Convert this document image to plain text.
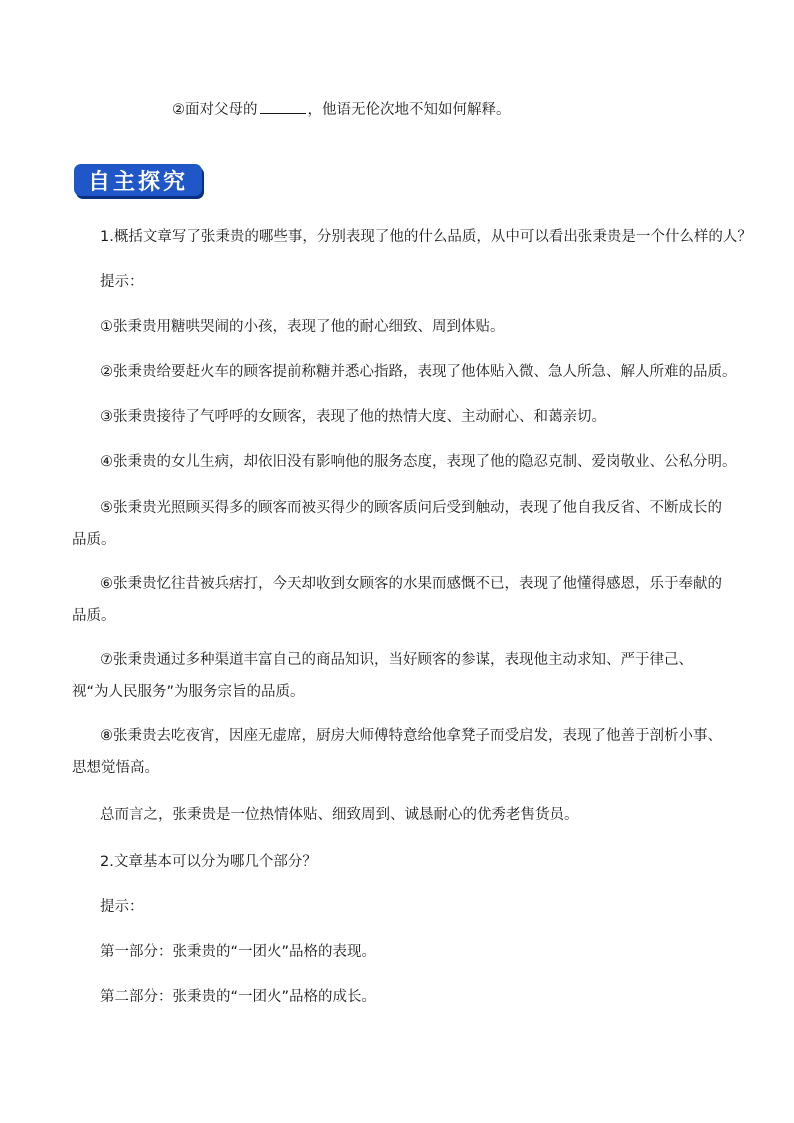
②面对父母的	，他语无伦次地不知如何解释。
自主探究
1.概括文章写了张秉贵的哪些事，分别表现了他的什么品质，从中可以看出张秉贵是一个什么样的人？
提示：
①张秉贵用糖哄哭闹的小孩，表现了他的耐心细致、周到体贴。
②张秉贵给要赶火车的顾客提前称糖并悉心指路，表现了他体贴入微、急人所急、解人所难的品质。
③张秉贵接待了气呼呼的女顾客，表现了他的热情大度、主动耐心、和蔼亲切。
④张秉贵的女儿生病，却依旧没有影响他的服务态度，表现了他的隐忍克制、爱岗敬业、公私分明。
⑤张秉贵光照顾买得多的顾客而被买得少的顾客质问后受到触动，表现了他自我反省、不断成长的品质。
⑥张秉贵忆往昔被兵痞打，今天却收到女顾客的水果而感慨不已，表现了他懂得感恩，乐于奉献的品质。
⑦张秉贵通过多种渠道丰富自己的商品知识，当好顾客的参谋，表现他主动求知、严于律己、视“为人民服务”为服务宗旨的品质。
⑧张秉贵去吃夜宵，因座无虚席，厨房大师傅特意给他拿凳子而受启发，表现了他善于剖析小事、思想觉悟高。
总而言之，张秉贵是一位热情体贴、细致周到、诚恳耐心的优秀老售货员。
2.文章基本可以分为哪几个部分？
提示：
第一部分：张秉贵的“一团火”品格的表现。
第二部分：张秉贵的“一团火”品格的成长。
